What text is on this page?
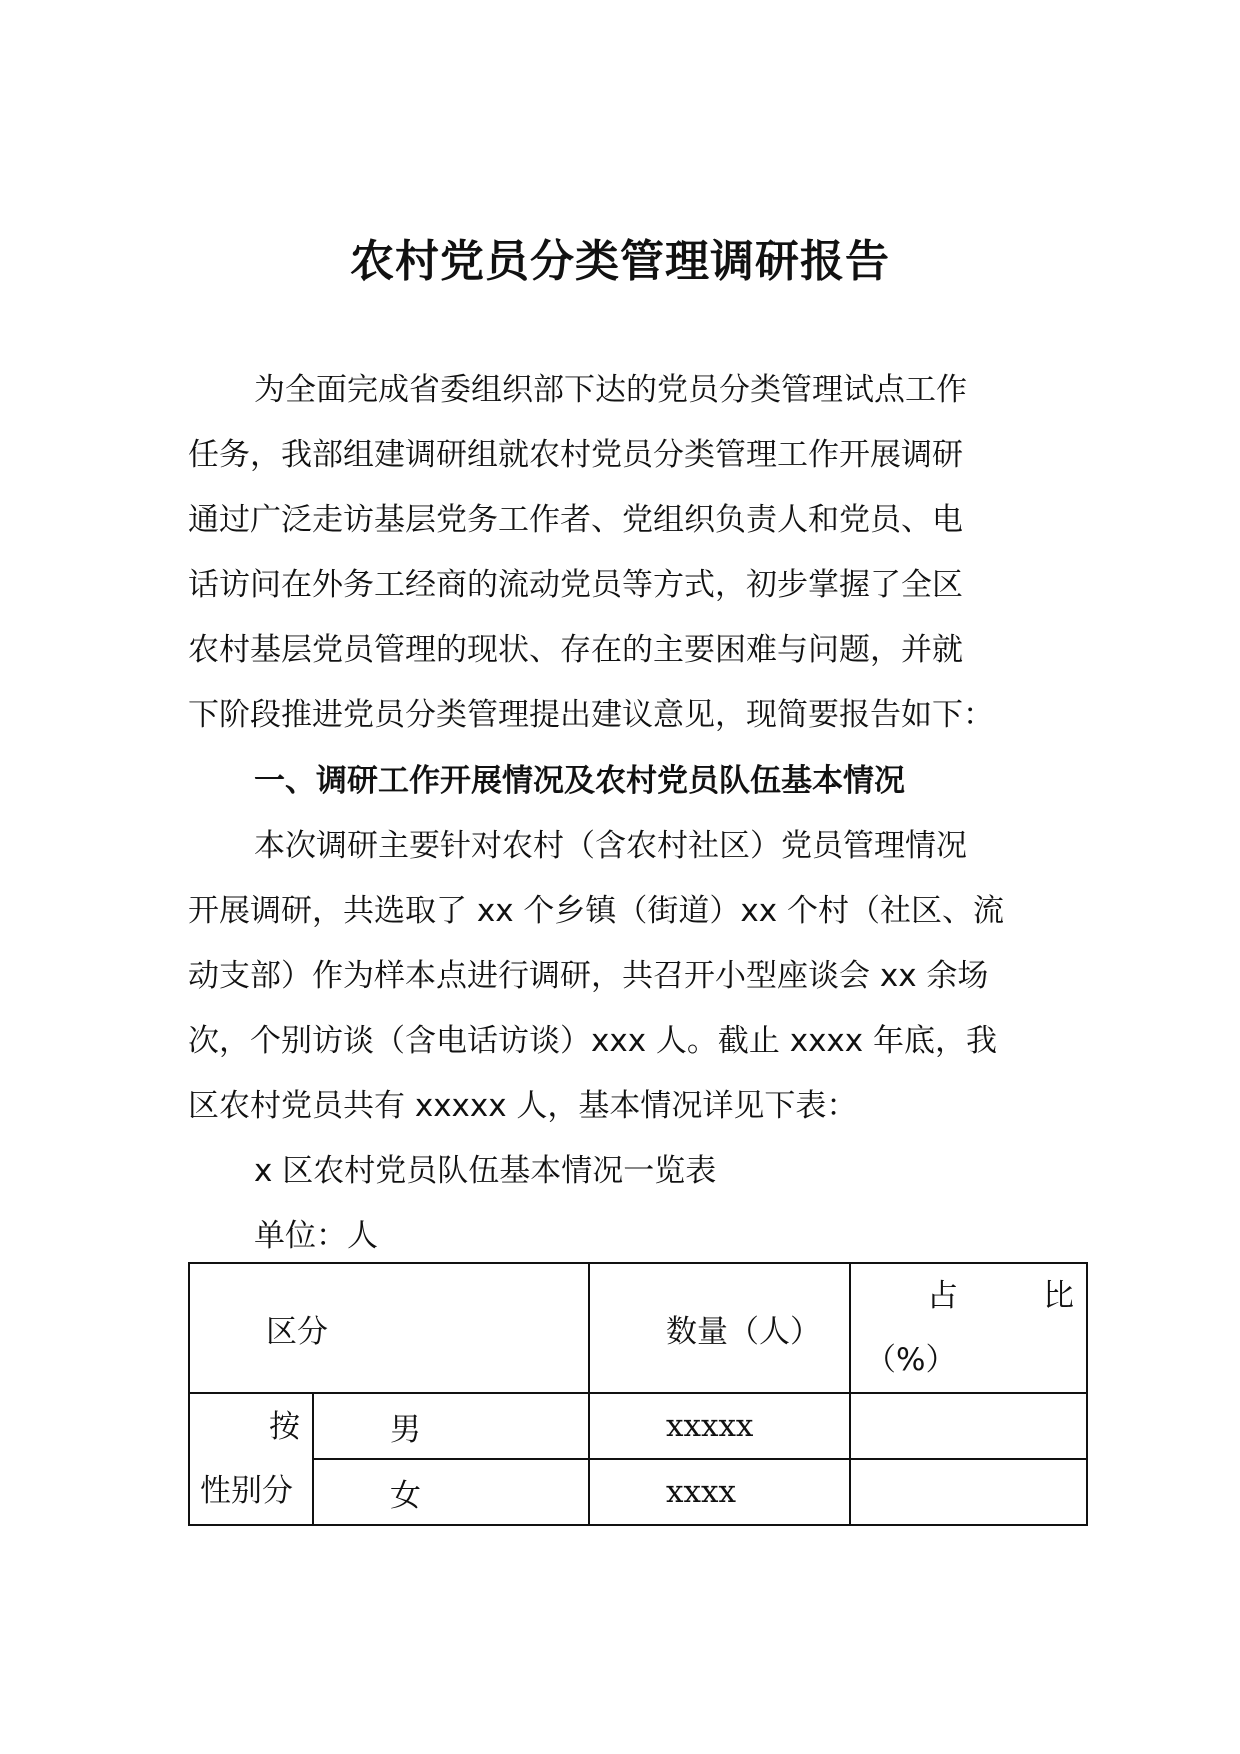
农村党员分类管理调研报告
为全面完成省委组织部下达的党员分类管理试点工作
任务，我部组建调研组就农村党员分类管理工作开展调研
通过广泛走访基层党务工作者、党组织负责人和党员、电
话访问在外务工经商的流动党员等方式，初步掌握了全区
农村基层党员管理的现状、存在的主要困难与问题，并就
下阶段推进党员分类管理提出建议意见，现简要报告如下：
一、调研工作开展情况及农村党员队伍基本情况
本次调研主要针对农村（含农村社区）党员管理情况
开展调研，共选取了 xx 个乡镇（街道）xx 个村（社区、流
动支部）作为样本点进行调研，共召开小型座谈会 xx 余场
次，个别访谈（含电话访谈）xxx 人。截止 xxxx 年底，我
区农村党员共有 xxxxx 人，基本情况详见下表：
x 区农村党员队伍基本情况一览表
单位：人
区分		数量（人）	占 比
（%）

按
性别分	男	xxxxx	
	女	xxxx	
